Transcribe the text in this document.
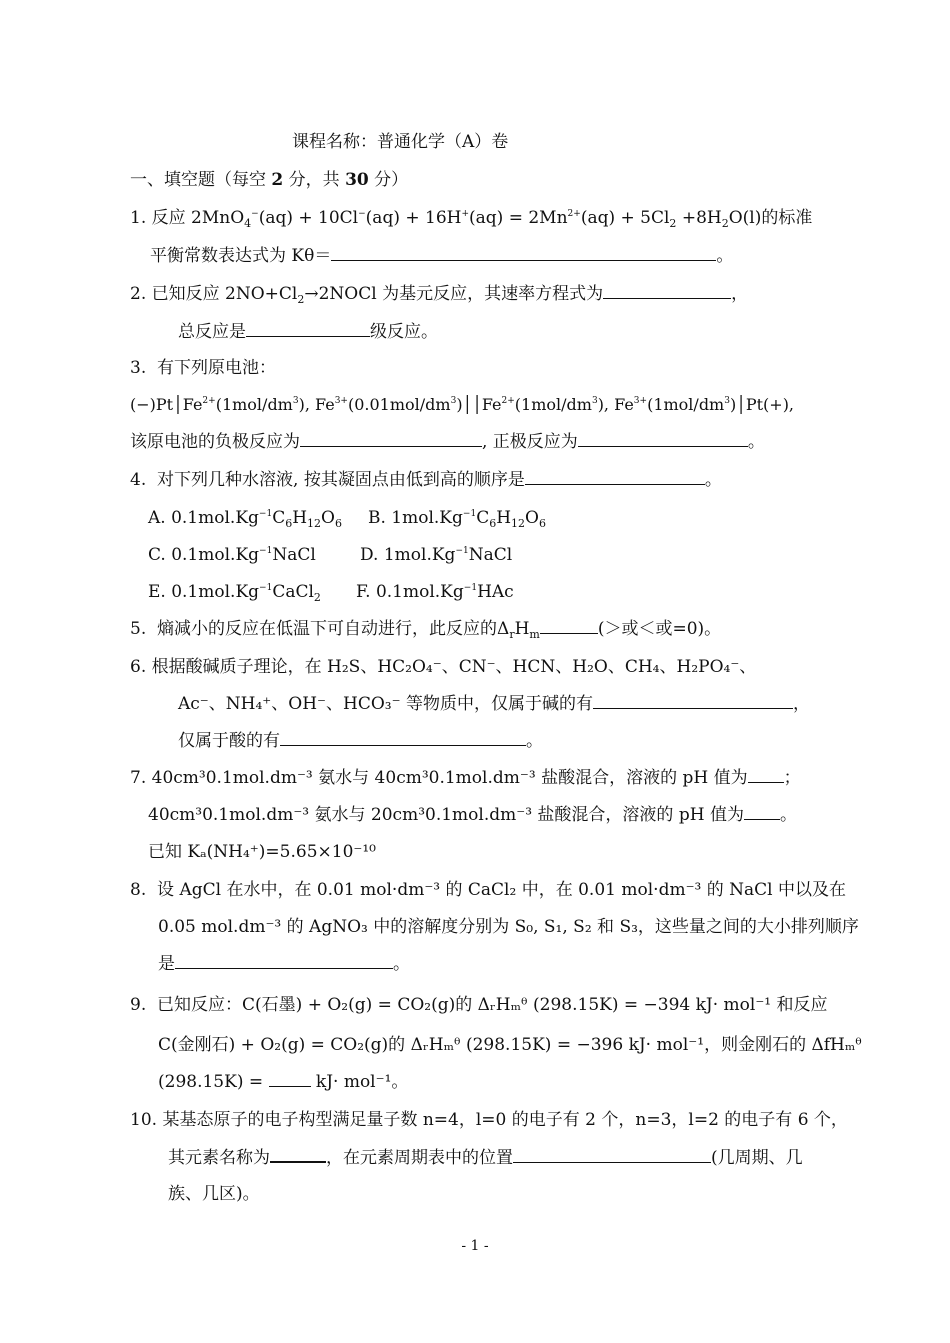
课程名称：普通化学（A）卷
一、填空题（每空 2 分，共 30 分）
1. 反应 $2MnO_4^-(aq) + 10Cl^-(aq) + 16H^+(aq) = 2Mn^{2+}(aq) + 5Cl_2 +8H_2O(l)$的标准
平衡常数表达式为 Kθ＝	。
2. 已知反应 $2NO+Cl_2\to 2NOCl$ 为基元反应，其速率方程式为	，
总反应是	级反应。
3. 有下列原电池：
$(-)Pt│Fe^{2+}(1mol/dm^3)$, $Fe^{3+}(0.01mol/dm^3)││Fe^{2+}(1mol/dm^3)$, $Fe^{3+}(1mol/dm^3)│Pt(+)$,
该原电池的负极反应为	, 正极反应为	。
4. 对下列几种水溶液, 按其凝固点由低到高的顺序是	。
A. $0.1mol.Kg^{-1}C_6H_{12}O_6$ B. $1mol.Kg^{-1}C_6H_{12}O_6$
C. $0.1mol.Kg^{-1}NaCl$	D. $1mol.Kg^{-1}NaCl$
E. $0.1mol.Kg^{-1}CaCl_2$ F. $0.1mol.Kg^{-1}HAc$
5. 熵减小的反应在低温下可自动进行，此反应的$\Delta_rH_m$	(＞或＜或=0)。
6. 根据酸碱质子理论，在 H₂S、HC₂O₄⁻、CN⁻、HCN、H₂O、CH₄、H₂PO₄⁻、
Ac⁻、NH₄⁺、OH⁻、HCO₃⁻ 等物质中，仅属于碱的有	，
仅属于酸的有	。
7. 40cm³0.1mol.dm⁻³ 氨水与 40cm³0.1mol.dm⁻³ 盐酸混合，溶液的 pH 值为 ；
40cm³0.1mol.dm⁻³ 氨水与 20cm³0.1mol.dm⁻³ 盐酸混合，溶液的 pH 值为 。
已知 Kₐ(NH₄⁺)=5.65×10⁻¹⁰
8. 设 AgCl 在水中，在 0.01 mol·dm⁻³ 的 CaCl₂ 中，在 0.01 mol·dm⁻³ 的 NaCl 中以及在
0.05 mol.dm⁻³ 的 AgNO₃ 中的溶解度分别为 S₀, S₁, S₂ 和 S₃，这些量之间的大小排列顺序
是	。
9. 已知反应：C(石墨) + O₂(g) = CO₂(g)的 ΔᵣHₘᶿ (298.15K) = −394 kJ· mol⁻¹ 和反应
C(金刚石) + O₂(g) = CO₂(g)的 ΔᵣHₘᶿ (298.15K) = −396 kJ· mol⁻¹，则金刚石的 ΔfHₘᶿ
(298.15K) =  kJ· mol⁻¹。
10. 某基态原子的电子构型满足量子数 n=4，l=0 的电子有 2 个，n=3，l=2 的电子有 6 个，
其元素名称为	，在元素周期表中的位置	(几周期、几
族、几区)。
- 1 -
